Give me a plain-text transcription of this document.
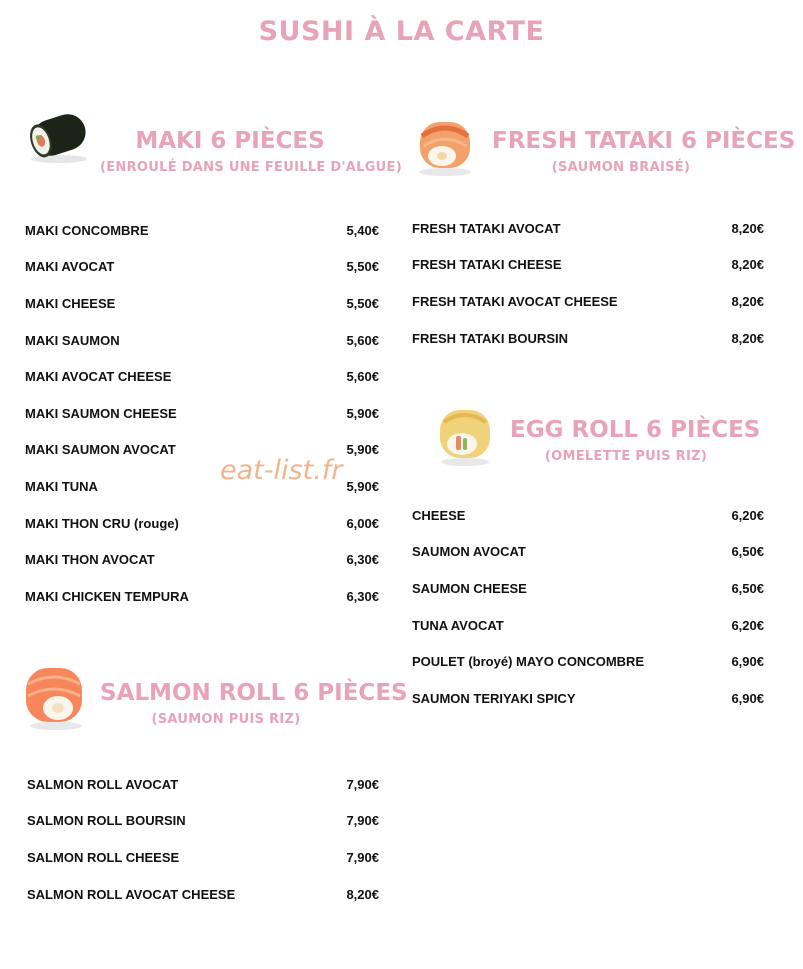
SUSHI À LA CARTE
MAKI 6 PIÈCES
(ENROULÉ DANS UNE FEUILLE D'ALGUE)
MAKI CONCOMBRE	5,40€
MAKI AVOCAT	5,50€
MAKI CHEESE	5,50€
MAKI SAUMON	5,60€
MAKI AVOCAT CHEESE	5,60€
MAKI SAUMON CHEESE	5,90€
MAKI SAUMON AVOCAT	5,90€
MAKI TUNA	5,90€
MAKI THON CRU (rouge)	6,00€
MAKI THON AVOCAT	6,30€
MAKI CHICKEN TEMPURA	6,30€
FRESH TATAKI 6 PIÈCES
(SAUMON BRAISÉ)
FRESH TATAKI AVOCAT	8,20€
FRESH TATAKI CHEESE	8,20€
FRESH TATAKI AVOCAT CHEESE	8,20€
FRESH TATAKI BOURSIN	8,20€
EGG ROLL 6 PIÈCES
(OMELETTE PUIS RIZ)
CHEESE	6,20€
SAUMON AVOCAT	6,50€
SAUMON CHEESE	6,50€
TUNA AVOCAT	6,20€
POULET (broyé) MAYO CONCOMBRE	6,90€
SAUMON TERIYAKI SPICY	6,90€
SALMON ROLL 6 PIÈCES
(SAUMON PUIS RIZ)
SALMON ROLL AVOCAT	7,90€
SALMON ROLL BOURSIN	7,90€
SALMON ROLL CHEESE	7,90€
SALMON ROLL AVOCAT CHEESE	8,20€
eat-list.fr
